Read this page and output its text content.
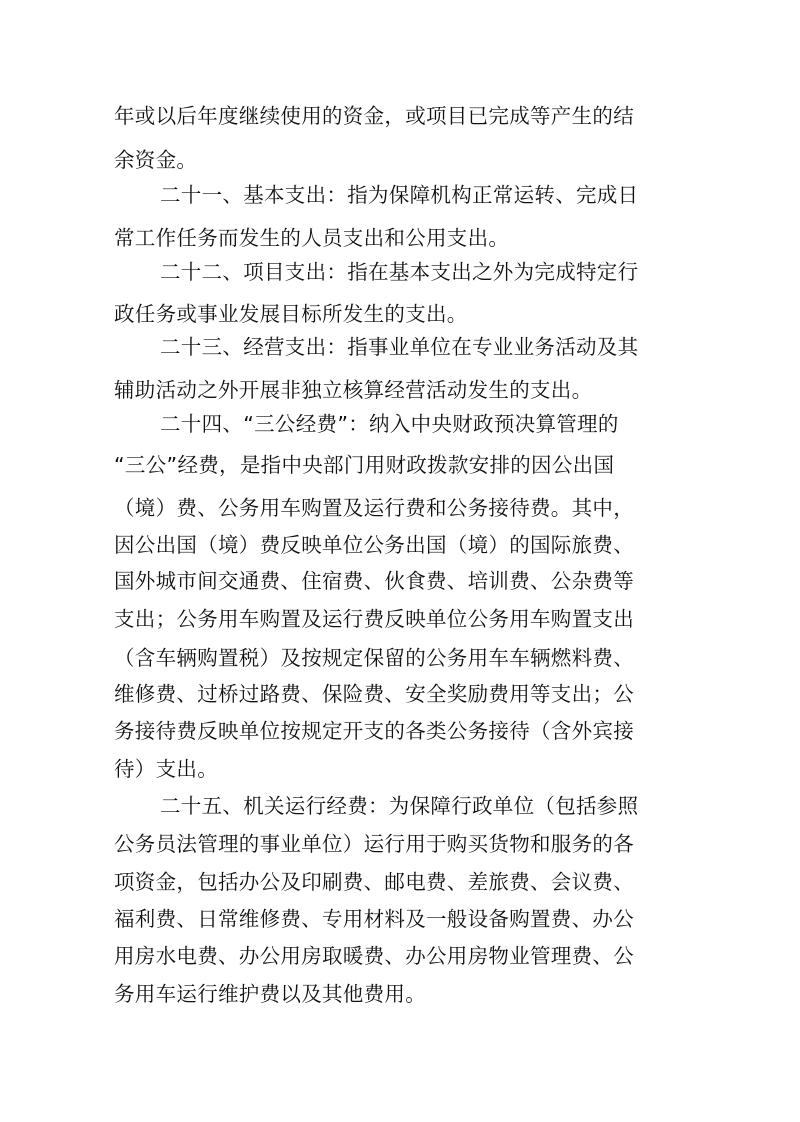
年或以后年度继续使用的资金，或项目已完成等产生的结
余资金。
二十一、基本支出：指为保障机构正常运转、完成日
常工作任务而发生的人员支出和公用支出。
二十二、项目支出：指在基本支出之外为完成特定行
政任务或事业发展目标所发生的支出。
二十三、经营支出：指事业单位在专业业务活动及其
辅助活动之外开展非独立核算经营活动发生的支出。
二十四、“三公经费”：纳入中央财政预决算管理的
“三公”经费，是指中央部门用财政拨款安排的因公出国
（境）费、公务用车购置及运行费和公务接待费。其中，
因公出国（境）费反映单位公务出国（境）的国际旅费、
国外城市间交通费、住宿费、伙食费、培训费、公杂费等
支出；公务用车购置及运行费反映单位公务用车购置支出
（含车辆购置税）及按规定保留的公务用车车辆燃料费、
维修费、过桥过路费、保险费、安全奖励费用等支出；公
务接待费反映单位按规定开支的各类公务接待（含外宾接
待）支出。
二十五、机关运行经费：为保障行政单位（包括参照
公务员法管理的事业单位）运行用于购买货物和服务的各
项资金，包括办公及印刷费、邮电费、差旅费、会议费、
福利费、日常维修费、专用材料及一般设备购置费、办公
用房水电费、办公用房取暖费、办公用房物业管理费、公
务用车运行维护费以及其他费用。
